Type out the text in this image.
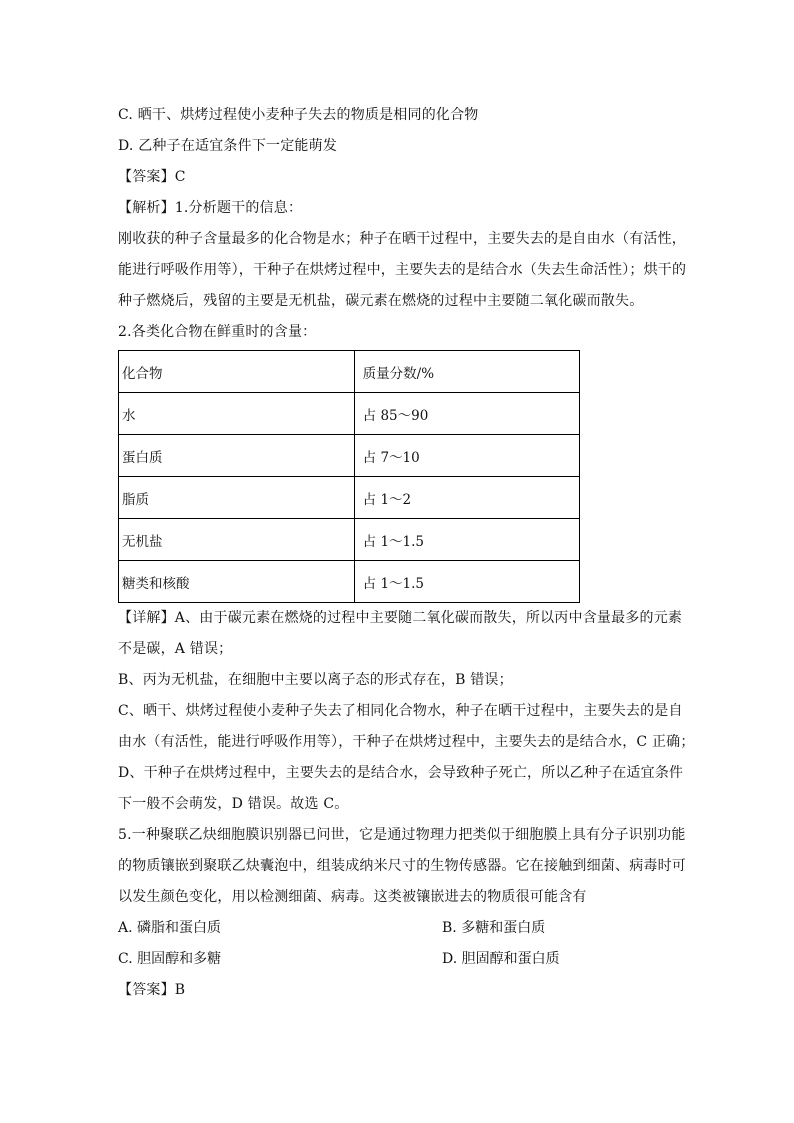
C. 晒干、烘烤过程使小麦种子失去的物质是相同的化合物
D. 乙种子在适宜条件下一定能萌发
【答案】C
【解析】1.分析题干的信息：
刚收获的种子含量最多的化合物是水；种子在晒干过程中，主要失去的是自由水（有活性，
能进行呼吸作用等），干种子在烘烤过程中，主要失去的是结合水（失去生命活性）；烘干的
种子燃烧后，残留的主要是无机盐，碳元素在燃烧的过程中主要随二氧化碳而散失。
2.各类化合物在鲜重时的含量：
化合物	质量分数/%
水	占 85～90
蛋白质	占 7～10
脂质	占 1～2
无机盐	占 1～1.5
糖类和核酸	占 1～1.5
【详解】A、由于碳元素在燃烧的过程中主要随二氧化碳而散失，所以丙中含量最多的元素
不是碳，A 错误；
B、丙为无机盐，在细胞中主要以离子态的形式存在，B 错误；
C、晒干、烘烤过程使小麦种子失去了相同化合物水，种子在晒干过程中，主要失去的是自
由水（有活性，能进行呼吸作用等），干种子在烘烤过程中，主要失去的是结合水，C 正确；
D、干种子在烘烤过程中，主要失去的是结合水，会导致种子死亡，所以乙种子在适宜条件
下一般不会萌发，D 错误。故选 C。
5.一种聚联乙炔细胞膜识别器已问世，它是通过物理力把类似于细胞膜上具有分子识别功能
的物质镶嵌到聚联乙炔囊泡中，组装成纳米尺寸的生物传感器。它在接触到细菌、病毒时可
以发生颜色变化，用以检测细菌、病毒。这类被镶嵌进去的物质很可能含有
A. 磷脂和蛋白质	B. 多糖和蛋白质
C. 胆固醇和多糖	D. 胆固醇和蛋白质
【答案】B
